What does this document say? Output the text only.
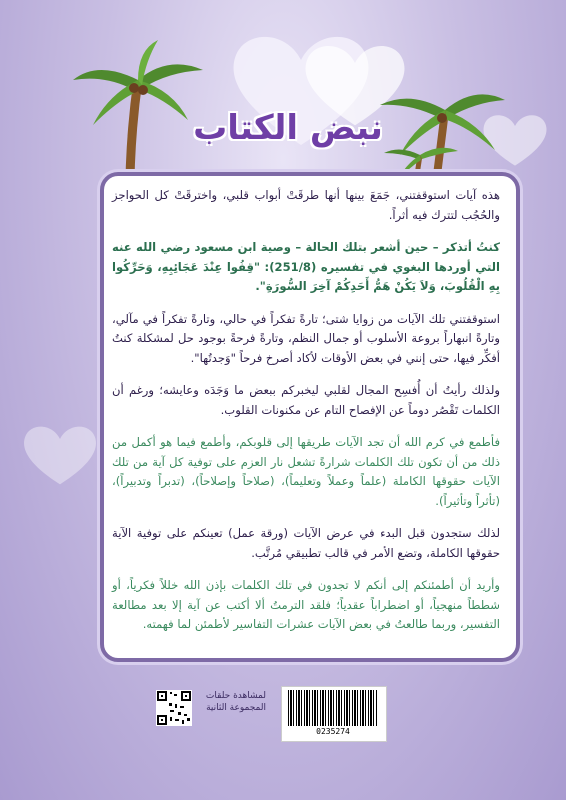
نبض الكتاب

هذه آيات استوقفتني، جَمَعَ بينها أنها طرقَتْ أبواب قلبي، واخترقَتْ كل الحواجز والحُجُب لتترك فيه أثراً.

كنتُ أتذكر – حين أشعر بتلك الحالة – وصية ابن مسعود رضي الله عنه التي أوردها البغوي في تفسيره (251/8): "قِفُوا عِنْدَ عَجَائِبِهِ، وَحَرِّكُوا بِهِ الْقُلُوبَ، وَلاَ يَكُنْ هَمُّ أَحَدِكُمْ آخِرَ السُّورَةِ".

استوقفتني تلك الآيات من زوايا شتى؛ تارةً تفكراً في حالي، وتارةً تفكراً في مآلي، وتارةً انبهاراً بروعة الأسلوب أو جمال النظم، وتارةً فرحةً بوجود حل لمشكلة كنتُ أفكِّر فيها، حتى إنني في بعض الأوقات لأكاد أصرخ فرحاً "وَجدتُها".

ولذلك رأيتُ أن أُفسِح المجال لقلبي ليخبركم ببعض ما وَجَدَه وعايشه؛ ورغم أن الكلمات تَقْصُر دوماً عن الإفصاح التام عن مكنونات القلوب.

فأطمع في كرم الله أن تجد الآيات طريقها إلى قلوبكم، وأطمع فيما هو أكمل من ذلك من أن تكون تلك الكلمات شرارةً تشعل نار العزم على توفية كل آية من تلك الآيات حقوقها الكاملة (علماً وعملاً وتعليماً)، (صلاحاً وإصلاحاً)، (تدبراً وتدبيراً)، (تأثراً وتأثيراً).

لذلك ستجدون قبل البدء في عرض الآيات (ورقة عمل) تعينكم على توفية الآية حقوقها الكاملة، وتضع الأمر في قالب تطبيقي مُرتَّب.

وأريد أن أطمئنكم إلى أنكم لا تجدون في تلك الكلمات بإذن الله خللاً فكرياً، أو شططاً منهجياً، أو اضطراباً عقدياً؛ فلقد الترمتُ ألا أكتب عن آية إلا بعد مطالعة التفسير، وربما طالعتُ في بعض الآيات عشرات التفاسير لأطمئن لما فهمته.

0235274
لمشاهدة حلقات المجموعة الثانية
